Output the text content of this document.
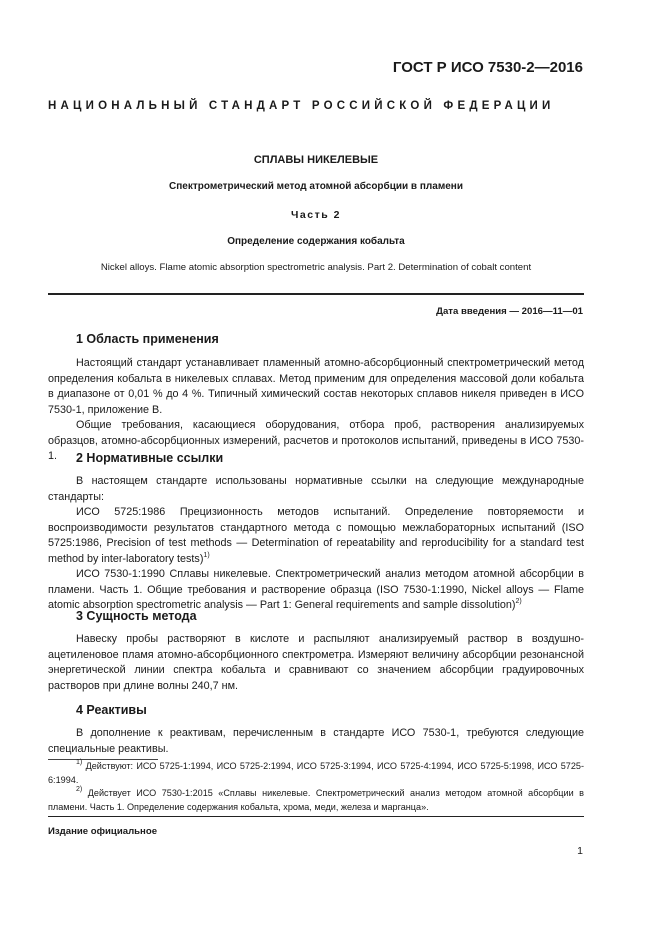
ГОСТ Р ИСО 7530-2—2016
НАЦИОНАЛЬНЫЙ СТАНДАРТ РОССИЙСКОЙ ФЕДЕРАЦИИ
СПЛАВЫ НИКЕЛЕВЫЕ
Спектрометрический метод атомной абсорбции в пламени
Часть 2
Определение содержания кобальта
Nickel alloys. Flame atomic absorption spectrometric analysis. Part 2. Determination of cobalt content
Дата введения — 2016—11—01
1 Область применения

Настоящий стандарт устанавливает пламенный атомно-абсорбционный спектрометрический метод определения кобальта в никелевых сплавах. Метод применим для определения массовой доли кобальта в диапазоне от 0,01 % до 4 %. Типичный химический состав некоторых сплавов никеля приведен в ИСО 7530-1, приложение В.

Общие требования, касающиеся оборудования, отбора проб, растворения анализируемых образцов, атомно-абсорбционных измерений, расчетов и протоколов испытаний, приведены в ИСО 7530-1.	2 Нормативные ссылки

В настоящем стандарте использованы нормативные ссылки на следующие международные стандарты:

ИСО 5725:1986 Прецизионность методов испытаний. Определение повторяемости и воспроизводимости результатов стандартного метода с помощью межлабораторных испытаний (ISO 5725:1986, Precision of test methods — Determination of repeatability and reproducibility for a standard test method by inter-laboratory tests)$^{1)}$

ИСО 7530-1:1990 Сплавы никелевые. Спектрометрический анализ методом атомной абсорбции в пламени. Часть 1. Общие требования и растворение образца (ISO 7530-1:1990, Nickel alloys — Flame atomic absorption spectrometric analysis — Part 1: General requirements and sample dissolution)$^{2)}$

3 Сущность метода

Навеску пробы растворяют в кислоте и распыляют анализируемый раствор в воздушно-ацетиленовое пламя атомно-абсорбционного спектрометра. Измеряют величину абсорбции резонансной энергетической линии спектра кобальта и сравнивают со значением абсорбции градуировочных растворов при длине волны 240,7 нм.

4 Реактивы

В дополнение к реактивам, перечисленным в стандарте ИСО 7530-1, требуются следующие специальные реактивы.

$^{1)}$ Действуют: ИСО 5725-1:1994, ИСО 5725-2:1994, ИСО 5725-3:1994, ИСО 5725-4:1994, ИСО 5725-5:1998, ИСО 5725-6:1994.

$^{2)}$ Действует ИСО 7530-1:2015 «Сплавы никелевые. Спектрометрический анализ методом атомной абсорбции в пламени. Часть 1. Определение содержания кобальта, хрома, меди, железа и марганца».

Издание официальное
1
